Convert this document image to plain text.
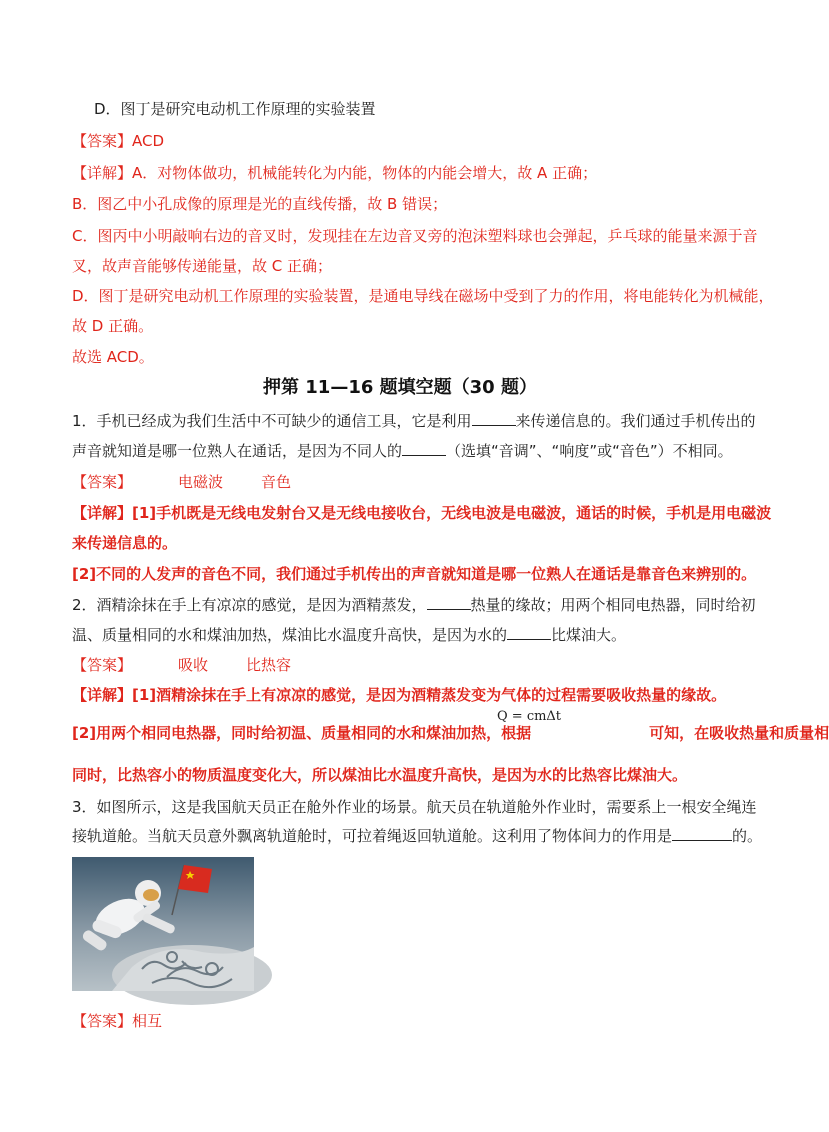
D．图丁是研究电动机工作原理的实验装置
【答案】ACD
【详解】A．对物体做功，机械能转化为内能，物体的内能会增大，故 A 正确；
B．图乙中小孔成像的原理是光的直线传播，故 B 错误；
C．图丙中小明敲响右边的音叉时，发现挂在左边音叉旁的泡沫塑料球也会弹起，乒乓球的能量来源于音
叉，故声音能够传递能量，故 C 正确；
D．图丁是研究电动机工作原理的实验装置，是通电导线在磁场中受到了力的作用，将电能转化为机械能，
故 D 正确。
故选 ACD。
押第 11—16 题填空题（30 题）
1．手机已经成为我们生活中不可缺少的通信工具，它是利用	来传递信息的。我们通过手机传出的
声音就知道是哪一位熟人在通话，是因为不同人的	（选填“音调”、“响度”或“音色”）不相同。
【答案】	电磁波	音色
【详解】[1]手机既是无线电发射台又是无线电接收台，无线电波是电磁波，通话的时候，手机是用电磁波
来传递信息的。
[2]不同的人发声的音色不同，我们通过手机传出的声音就知道是哪一位熟人在通话是靠音色来辨别的。
2．酒精涂抹在手上有凉凉的感觉，是因为酒精蒸发，	热量的缘故；用两个相同电热器，同时给初
温、质量相同的水和煤油加热，煤油比水温度升高快，是因为水的	比煤油大。
【答案】	吸收	比热容
【详解】[1]酒精涂抹在手上有凉凉的感觉，是因为酒精蒸发变为气体的过程需要吸收热量的缘故。
Q = cmΔt
[2]用两个相同电热器，同时给初温、质量相同的水和煤油加热，根据	可知，在吸收热量和质量相
同时，比热容小的物质温度变化大，所以煤油比水温度升高快，是因为水的比热容比煤油大。
3．如图所示，这是我国航天员正在舱外作业的场景。航天员在轨道舱外作业时，需要系上一根安全绳连
接轨道舱。当航天员意外飘离轨道舱时，可拉着绳返回轨道舱。这利用了物体间力的作用是	的。
【答案】相互
